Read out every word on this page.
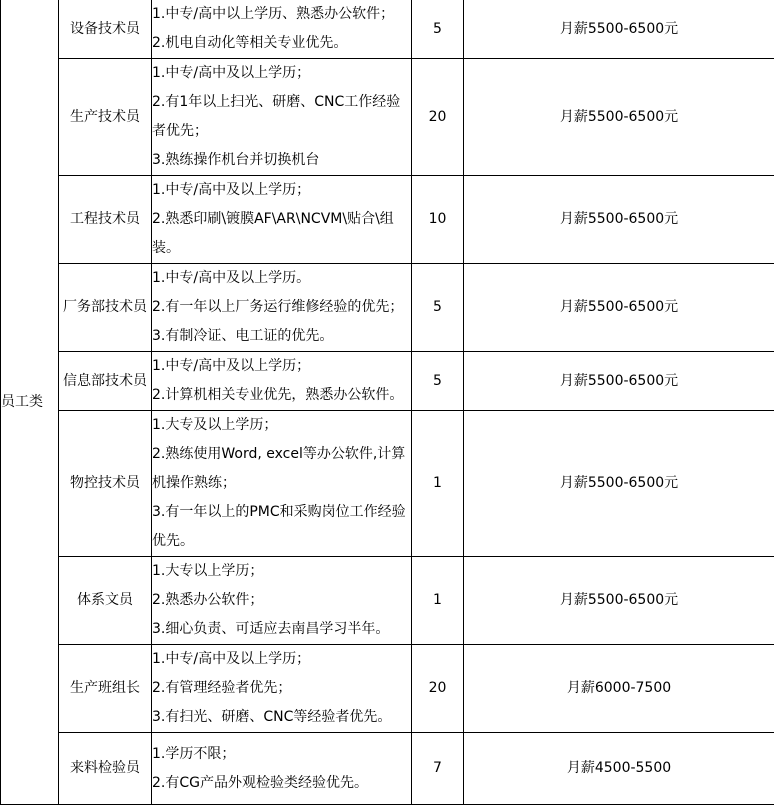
员工类	设备技术员	1.中专/高中以上学历、熟悉办公软件；
2.机电自动化等相关专业优先。	5	月薪5500-6500元
	生产技术员	1.中专/高中及以上学历；
2.有1年以上扫光、研磨、CNC工作经验者优先；
3.熟练操作机台并切换机台	20	月薪5500-6500元
	工程技术员	1.中专/高中及以上学历；
2.熟悉印刷\镀膜AF\AR\NCVM\贴合\组装。	10	月薪5500-6500元
	厂务部技术员	1.中专/高中及以上学历。
2.有一年以上厂务运行维修经验的优先；
3.有制冷证、电工证的优先。	5	月薪5500-6500元
	信息部技术员	1.中专/高中及以上学历；
2.计算机相关专业优先，熟悉办公软件。	5	月薪5500-6500元
	物控技术员	1.大专及以上学历；
2.熟练使用Word, excel等办公软件,计算机操作熟练；
3.有一年以上的PMC和采购岗位工作经验优先。	1	月薪5500-6500元
	体系文员	1.大专以上学历；
2.熟悉办公软件；
3.细心负责、可适应去南昌学习半年。	1	月薪5500-6500元
	生产班组长	1.中专/高中及以上学历；
2.有管理经验者优先；
3.有扫光、研磨、CNC等经验者优先。	20	月薪6000-7500
	来料检验员	1.学历不限；
2.有CG产品外观检验类经验优先。	7	月薪4500-5500
